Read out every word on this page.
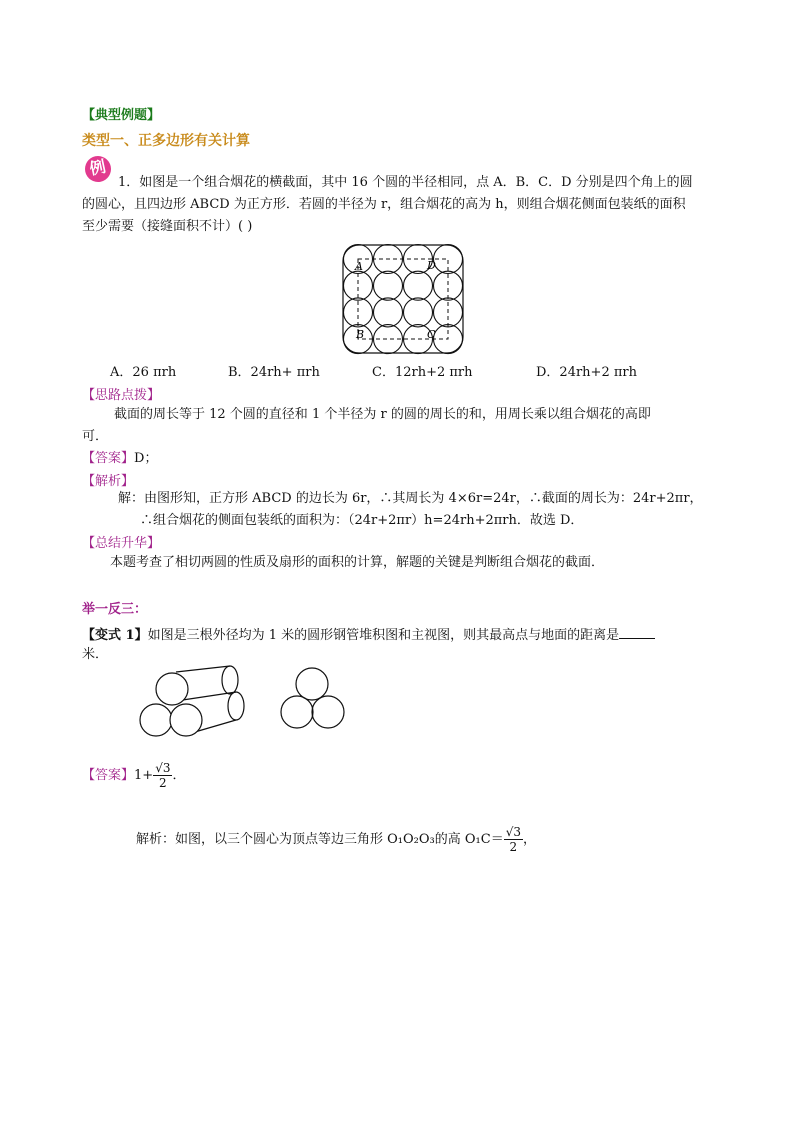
【典型例题】
类型一、正多边形有关计算
例
1．如图是一个组合烟花的横截面，其中 16 个圆的半径相同，点 A．B．C．D 分别是四个角上的圆
的圆心，且四边形 ABCD 为正方形．若圆的半径为 r，组合烟花的高为 h，则组合烟花侧面包装纸的面积
至少需要（接缝面积不计）( )
A	D
B	C
A．26 πrh	B．24rh+ πrh	C．12rh+2 πrh	D．24rh+2 πrh
【思路点拨】
截面的周长等于 12 个圆的直径和 1 个半径为 r 的圆的周长的和，用周长乘以组合烟花的高即
可．
【答案】D；
【解析】
解：由图形知，正方形 ABCD 的边长为 6r，∴其周长为 4×6r=24r，∴截面的周长为：24r+2πr，
∴组合烟花的侧面包装纸的面积为：（24r+2πr）h=24rh+2πrh．故选 D．
【总结升华】
本题考查了相切两圆的性质及扇形的面积的计算，解题的关键是判断组合烟花的截面．
举一反三：
【变式 1】如图是三根外径均为 1 米的圆形钢管堆积图和主视图，则其最高点与地面的距离是
米．
【答案】$1+ \frac{√3}{2}$ ．
解析：如图，以三个圆心为顶点等边三角形 O₁O₂O₃的高 $O_1C= \frac{√3}{2}$ ，
